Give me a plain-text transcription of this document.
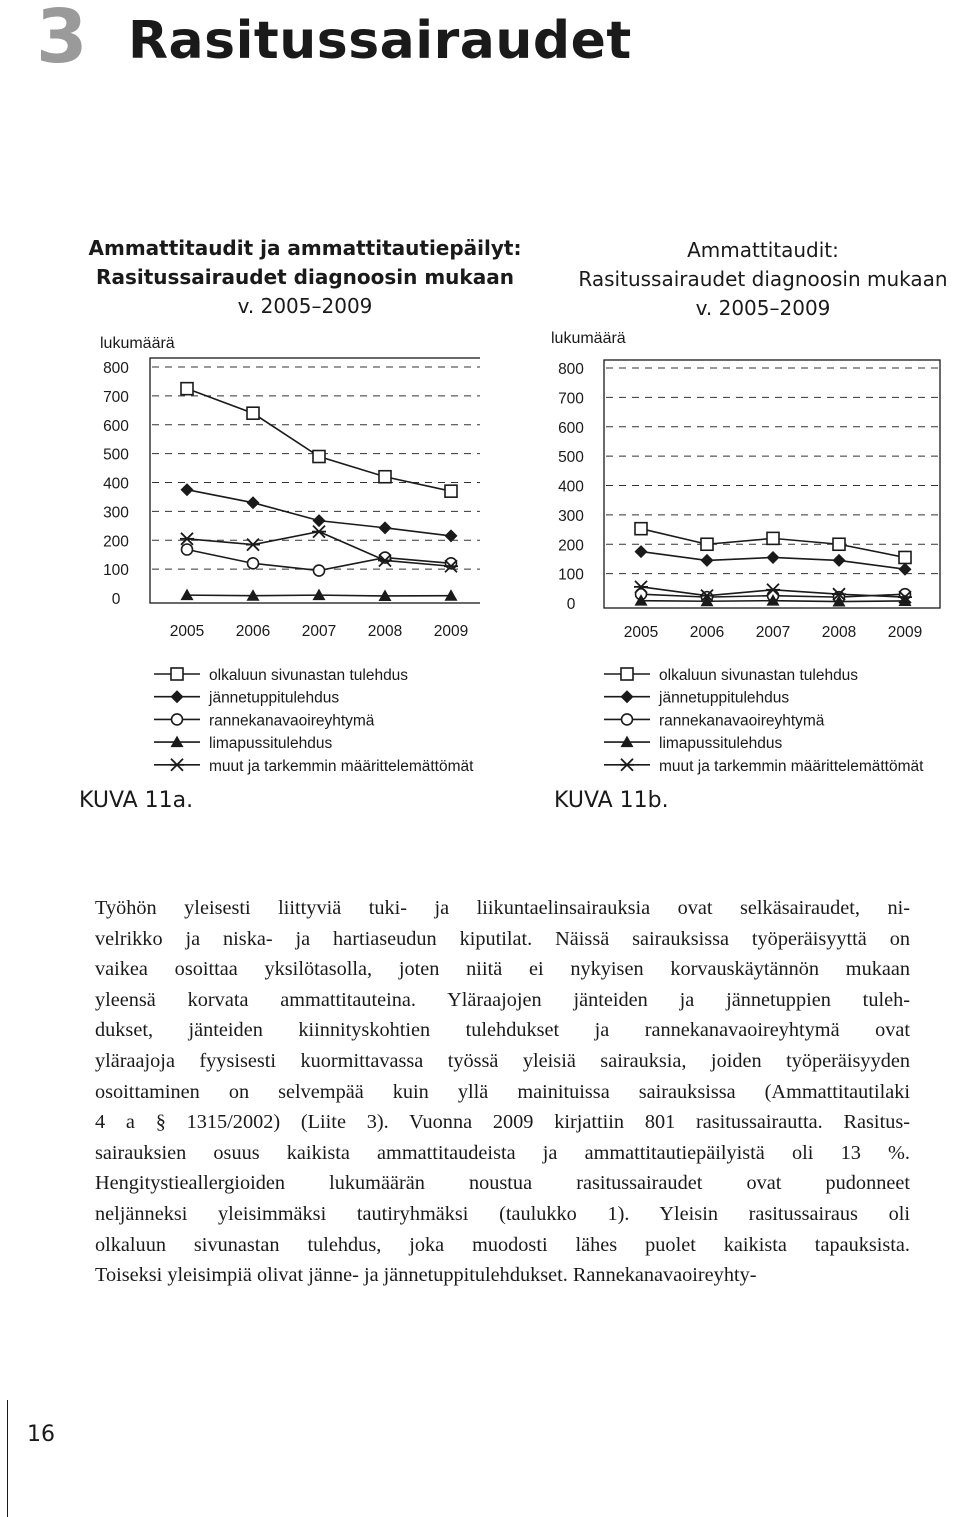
3 Rasitussairaudet
Ammattitaudit ja ammattitautiepäilyt:
Rasitussairaudet diagnoosin mukaan
v. 2005–2009
Ammattitaudit:
Rasitussairaudet diagnoosin mukaan
v. 2005–2009
lukumäärä
800
700
600
500
400
300
200
100
0
2005 2006 2007 2008 2009
olkaluun sivunastan tulehdus
jännetuppitulehdus
rannekanavaoireyhtymä
limapussitulehdus
muut ja tarkemmin määrittelemättömät
lukumäärä
800
700
600
500
400
300
200
100
0
2005 2006 2007 2008 2009
olkaluun sivunastan tulehdus
jännetuppitulehdus
rannekanavaoireyhtymä
limapussitulehdus
muut ja tarkemmin määrittelemättömät
KUVA 11a.	KUVA 11b.
Työhön yleisesti liittyviä tuki- ja liikuntaelinsairauksia ovat selkäsairaudet, ni-
velrikko ja niska- ja hartiaseudun kiputilat. Näissä sairauksissa työperäisyyttä on
vaikea osoittaa yksilötasolla, joten niitä ei nykyisen korvauskäytännön mukaan
yleensä korvata ammattitauteina. Yläraajojen jänteiden ja jännetuppien tuleh-
dukset, jänteiden kiinnityskohtien tulehdukset ja rannekanavaoireyhtymä ovat
yläraajoja fyysisesti kuormittavassa työssä yleisiä sairauksia, joiden työperäisyyden
osoittaminen on selvempää kuin yllä mainituissa sairauksissa (Ammattitautilaki
4 a § 1315/2002) (Liite 3). Vuonna 2009 kirjattiin 801 rasitussairautta. Rasitus-
sairauksien osuus kaikista ammattitaudeista ja ammattitautiepäilyistä oli 13 %.
Hengitystieallergioiden lukumäärän noustua rasitussairaudet ovat pudonneet
neljänneksi yleisimmäksi tautiryhmäksi (taulukko 1). Yleisin rasitussairaus oli
olkaluun sivunastan tulehdus, joka muodosti lähes puolet kaikista tapauksista.
Toiseksi yleisimpiä olivat jänne- ja jännetuppitulehdukset. Rannekanavaoireyhty-
16
